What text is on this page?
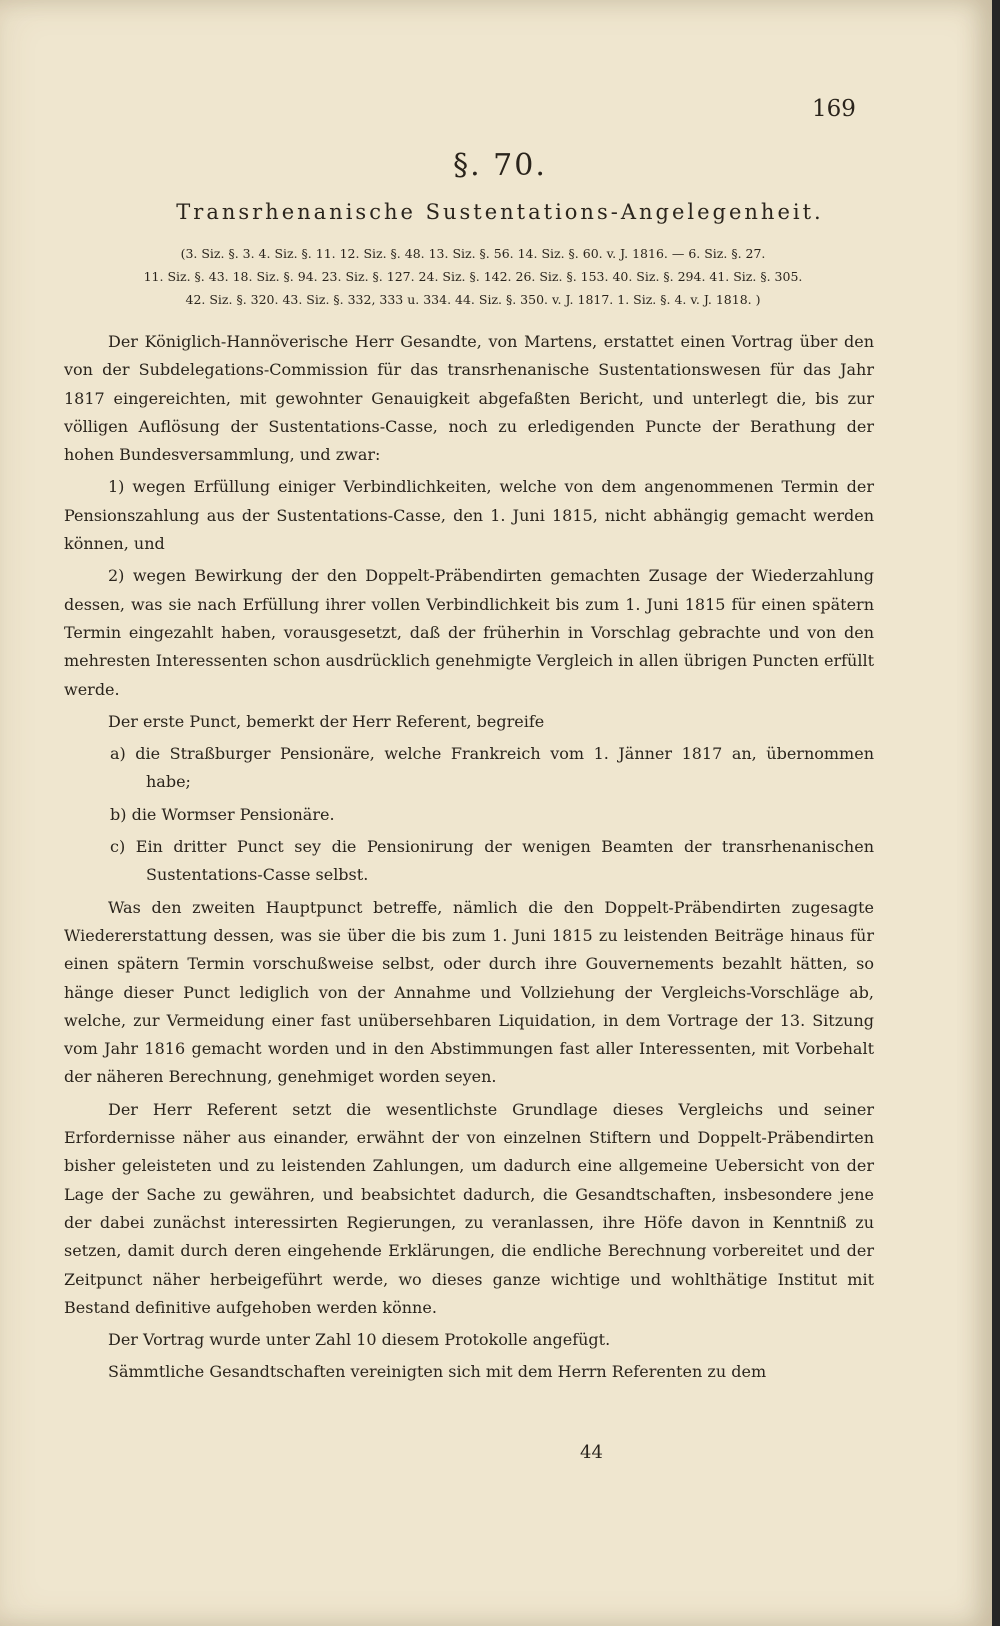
169
§. 70.
Transrhenanische Sustentations-Angelegenheit.
(3. Siz. §. 3. 4. Siz. §. 11. 12. Siz. §. 48. 13. Siz. §. 56. 14. Siz. §. 60. v. J. 1816. — 6. Siz. §. 27.
11. Siz. §. 43. 18. Siz. §. 94. 23. Siz. §. 127. 24. Siz. §. 142. 26. Siz. §. 153. 40. Siz. §. 294. 41. Siz. §. 305.
42. Siz. §. 320. 43. Siz. §. 332, 333 u. 334. 44. Siz. §. 350. v. J. 1817. 1. Siz. §. 4. v. J. 1818. )

Der Königlich-Hannöverische Herr Gesandte, von Martens, erstattet einen Vortrag über den von der Subdelegations-Commission für das transrhenanische Sustentationswesen für das Jahr 1817 eingereichten, mit gewohnter Genauigkeit abgefaßten Bericht, und unterlegt die, bis zur völligen Auflösung der Sustentations-Casse, noch zu erledigenden Puncte der Berathung der hohen Bundesversammlung, und zwar:

1) wegen Erfüllung einiger Verbindlichkeiten, welche von dem angenommenen Termin der Pensionszahlung aus der Sustentations-Casse, den 1. Juni 1815, nicht abhängig gemacht werden können, und

2) wegen Bewirkung der den Doppelt-Präbendirten gemachten Zusage der Wiederzahlung dessen, was sie nach Erfüllung ihrer vollen Verbindlichkeit bis zum 1. Juni 1815 für einen spätern Termin eingezahlt haben, vorausgesetzt, daß der früherhin in Vorschlag gebrachte und von den mehresten Interessenten schon ausdrücklich genehmigte Vergleich in allen übrigen Puncten erfüllt werde.

Der erste Punct, bemerkt der Herr Referent, begreife

a) die Straßburger Pensionäre, welche Frankreich vom 1. Jänner 1817 an, übernommen habe;

b) die Wormser Pensionäre.

c) Ein dritter Punct sey die Pensionirung der wenigen Beamten der transrhenanischen Sustentations-Casse selbst.

Was den zweiten Hauptpunct betreffe, nämlich die den Doppelt-Präbendirten zugesagte Wiedererstattung dessen, was sie über die bis zum 1. Juni 1815 zu leistenden Beiträge hinaus für einen spätern Termin vorschußweise selbst, oder durch ihre Gouvernements bezahlt hätten, so hänge dieser Punct lediglich von der Annahme und Vollziehung der Vergleichs-Vorschläge ab, welche, zur Vermeidung einer fast unübersehbaren Liquidation, in dem Vortrage der 13. Sitzung vom Jahr 1816 gemacht worden und in den Abstimmungen fast aller Interessenten, mit Vorbehalt der näheren Berechnung, genehmiget worden seyen.

Der Herr Referent setzt die wesentlichste Grundlage dieses Vergleichs und seiner Erfordernisse näher aus einander, erwähnt der von einzelnen Stiftern und Doppelt-Präbendirten bisher geleisteten und zu leistenden Zahlungen, um dadurch eine allgemeine Uebersicht von der Lage der Sache zu gewähren, und beabsichtet dadurch, die Gesandtschaften, insbesondere jene der dabei zunächst interessirten Regierungen, zu veranlassen, ihre Höfe davon in Kenntniß zu setzen, damit durch deren eingehende Erklärungen, die endliche Berechnung vorbereitet und der Zeitpunct näher herbeigeführt werde, wo dieses ganze wichtige und wohlthätige Institut mit Bestand definitive aufgehoben werden könne.

Der Vortrag wurde unter Zahl 10 diesem Protokolle angefügt.

Sämmtliche Gesandtschaften vereinigten sich mit dem Herrn Referenten zu dem

44
